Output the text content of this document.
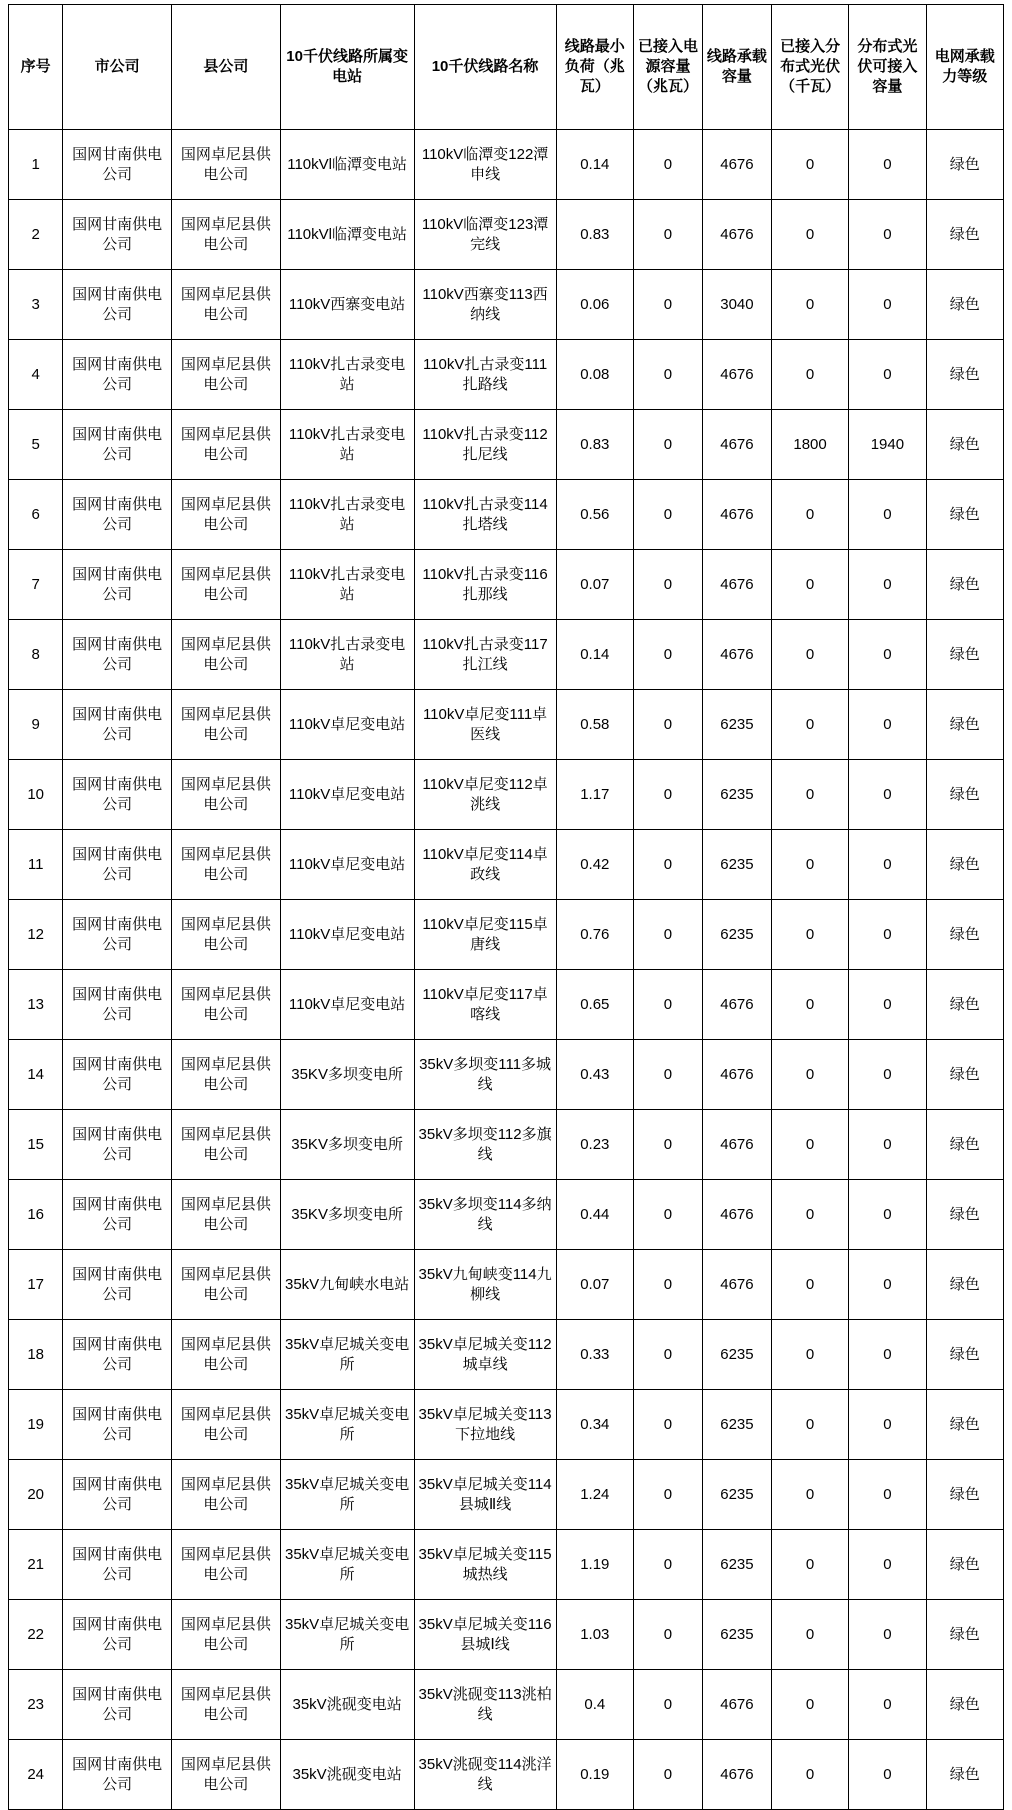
序号	市公司	县公司	10千伏线路所属变电站	10千伏线路名称	线路最小负荷（兆瓦）	已接入电源容量（兆瓦）	线路承载容量	已接入分布式光伏（千瓦）	分布式光伏可接入容量	电网承载力等级
1	国网甘南供电公司	国网卓尼县供电公司	110kVl临潭变电站	110kV临潭变122潭申线	0.14	0	4676	0	0	绿色
2	国网甘南供电公司	国网卓尼县供电公司	110kVl临潭变电站	110kV临潭变123潭完线	0.83	0	4676	0	0	绿色
3	国网甘南供电公司	国网卓尼县供电公司	110kV西寨变电站	110kV西寨变113西纳线	0.06	0	3040	0	0	绿色
4	国网甘南供电公司	国网卓尼县供电公司	110kV扎古录变电站	110kV扎古录变111扎路线	0.08	0	4676	0	0	绿色
5	国网甘南供电公司	国网卓尼县供电公司	110kV扎古录变电站	110kV扎古录变112扎尼线	0.83	0	4676	1800	1940	绿色
6	国网甘南供电公司	国网卓尼县供电公司	110kV扎古录变电站	110kV扎古录变114扎塔线	0.56	0	4676	0	0	绿色
7	国网甘南供电公司	国网卓尼县供电公司	110kV扎古录变电站	110kV扎古录变116扎那线	0.07	0	4676	0	0	绿色
8	国网甘南供电公司	国网卓尼县供电公司	110kV扎古录变电站	110kV扎古录变117扎江线	0.14	0	4676	0	0	绿色
9	国网甘南供电公司	国网卓尼县供电公司	110kV卓尼变电站	110kV卓尼变111卓医线	0.58	0	6235	0	0	绿色
10	国网甘南供电公司	国网卓尼县供电公司	110kV卓尼变电站	110kV卓尼变112卓洮线	1.17	0	6235	0	0	绿色
11	国网甘南供电公司	国网卓尼县供电公司	110kV卓尼变电站	110kV卓尼变114卓政线	0.42	0	6235	0	0	绿色
12	国网甘南供电公司	国网卓尼县供电公司	110kV卓尼变电站	110kV卓尼变115卓唐线	0.76	0	6235	0	0	绿色
13	国网甘南供电公司	国网卓尼县供电公司	110kV卓尼变电站	110kV卓尼变117卓喀线	0.65	0	4676	0	0	绿色
14	国网甘南供电公司	国网卓尼县供电公司	35KV多坝变电所	35kV多坝变111多城线	0.43	0	4676	0	0	绿色
15	国网甘南供电公司	国网卓尼县供电公司	35KV多坝变电所	35kV多坝变112多旗线	0.23	0	4676	0	0	绿色
16	国网甘南供电公司	国网卓尼县供电公司	35KV多坝变电所	35kV多坝变114多纳线	0.44	0	4676	0	0	绿色
17	国网甘南供电公司	国网卓尼县供电公司	35kV九甸峡水电站	35kV九甸峡变114九柳线	0.07	0	4676	0	0	绿色
18	国网甘南供电公司	国网卓尼县供电公司	35kV卓尼城关变电所	35kV卓尼城关变112城卓线	0.33	0	6235	0	0	绿色
19	国网甘南供电公司	国网卓尼县供电公司	35kV卓尼城关变电所	35kV卓尼城关变113下拉地线	0.34	0	6235	0	0	绿色
20	国网甘南供电公司	国网卓尼县供电公司	35kV卓尼城关变电所	35kV卓尼城关变114县城Ⅱ线	1.24	0	6235	0	0	绿色
21	国网甘南供电公司	国网卓尼县供电公司	35kV卓尼城关变电所	35kV卓尼城关变115城热线	1.19	0	6235	0	0	绿色
22	国网甘南供电公司	国网卓尼县供电公司	35kV卓尼城关变电所	35kV卓尼城关变116县城Ⅰ线	1.03	0	6235	0	0	绿色
23	国网甘南供电公司	国网卓尼县供电公司	35kV洮砚变电站	35kV洮砚变113洮柏线	0.4	0	4676	0	0	绿色
24	国网甘南供电公司	国网卓尼县供电公司	35kV洮砚变电站	35kV洮砚变114洮洋线	0.19	0	4676	0	0	绿色
